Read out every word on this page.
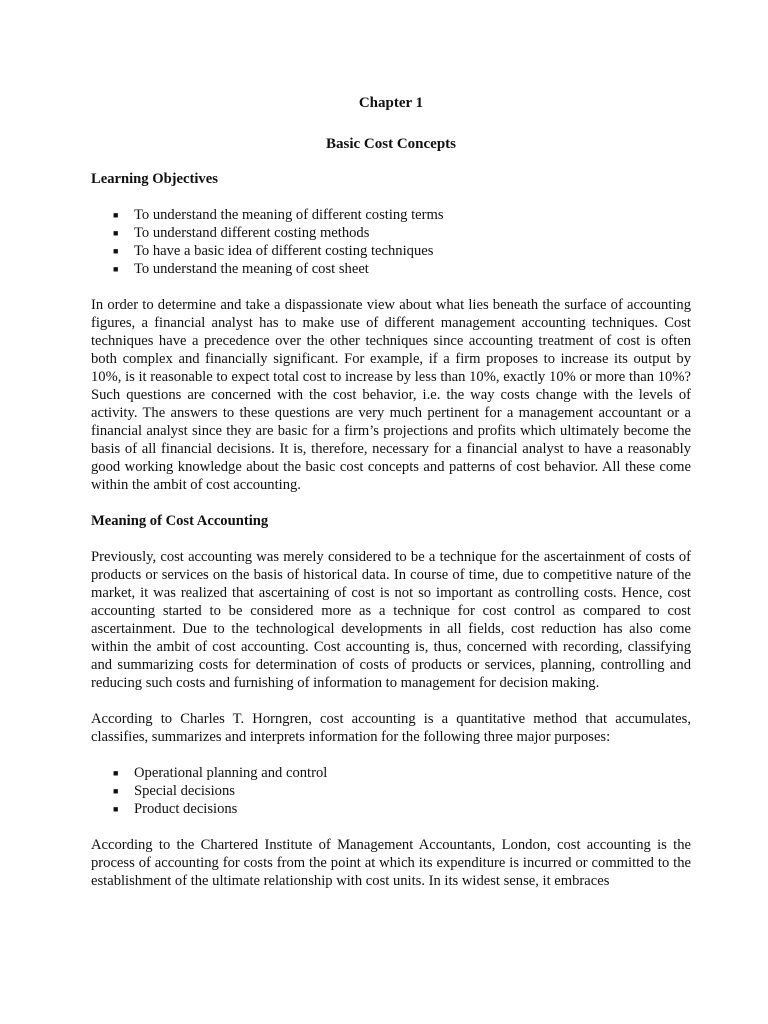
Chapter 1
Basic Cost Concepts
Learning Objectives
■ To understand the meaning of different costing terms
■ To understand different costing methods
■ To have a basic idea of different costing techniques
■ To understand the meaning of cost sheet

In order to determine and take a dispassionate view about what lies beneath the surface of accounting figures, a financial analyst has to make use of different management accounting techniques. Cost techniques have a precedence over the other techniques since accounting treatment of cost is often both complex and financially significant. For example, if a firm proposes to increase its output by 10%, is it reasonable to expect total cost to increase by less than 10%, exactly 10% or more than 10%? Such questions are concerned with the cost behavior, i.e. the way costs change with the levels of activity. The answers to these questions are very much pertinent for a management accountant or a financial analyst since they are basic for a firm’s projections and profits which ultimately become the basis of all financial decisions. It is, therefore, necessary for a financial analyst to have a reasonably good working knowledge about the basic cost concepts and patterns of cost behavior. All these come within the ambit of cost accounting.

Meaning of Cost Accounting

Previously, cost accounting was merely considered to be a technique for the ascertainment of costs of products or services on the basis of historical data. In course of time, due to competitive nature of the market, it was realized that ascertaining of cost is not so important as controlling costs. Hence, cost accounting started to be considered more as a technique for cost control as compared to cost ascertainment. Due to the technological developments in all fields, cost reduction has also come within the ambit of cost accounting. Cost accounting is, thus, concerned with recording, classifying and summarizing costs for determination of costs of products or services, planning, controlling and reducing such costs and furnishing of information to management for decision making.

According to Charles T. Horngren, cost accounting is a quantitative method that accumulates, classifies, summarizes and interprets information for the following three major purposes:

■ Operational planning and control
■ Special decisions
■ Product decisions

According to the Chartered Institute of Management Accountants, London, cost accounting is the process of accounting for costs from the point at which its expenditure is incurred or committed to the establishment of the ultimate relationship with cost units. In its widest sense, it embraces
